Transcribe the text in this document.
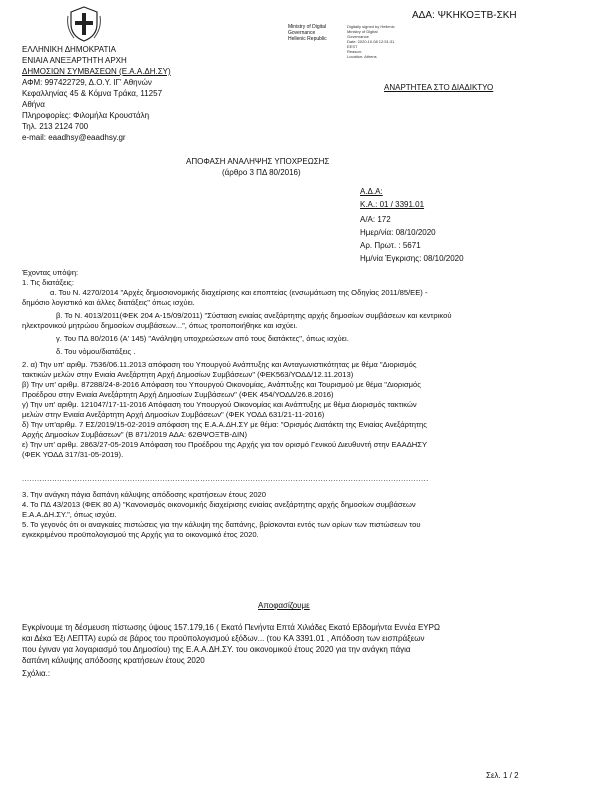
ΑΔΑ: ΨΚΗΚΟΞΤΒ-ΣΚΗ
Ministry of Digital
Governance
Hellenic Republic
Digitally signed by Hellenic
Ministry of Digital
Governance
Date: 2020.10.08 12:51:31
EEST
Reason:
Location: Athens
ΕΛΛΗΝΙΚΗ ΔΗΜΟΚΡΑΤΙΑ
ΕΝΙΑΙΑ ΑΝΕΞΑΡΤΗΤΗ ΑΡΧΗ
ΔΗΜΟΣΙΩΝ ΣΥΜΒΑΣΕΩΝ (Ε.Α.Α.ΔΗ.ΣΥ)
ΑΦΜ: 997422729, Δ.Ο.Υ. ΙΓ' Αθηνών
Κεφαλληνίας 45 & Κόμνα Τράκα, 11257
Αθήνα
Πληροφορίες: Φιλομήλα Κρουστάλη
Τηλ. 213 2124 700
e-mail: eaadhsy@eaadhsy.gr
ΑΝΑΡΤΗΤΕΑ ΣΤΟ ΔΙΑΔΙΚΤΥΟ
ΑΠΟΦΑΣΗ ΑΝΑΛΗΨΗΣ ΥΠΟΧΡΕΩΣΗΣ
(άρθρο 3 ΠΔ 80/2016)
Α.Δ.Α:
Κ.Α.: 01 / 3391.01
Α/Α: 172
Ημερ/νία: 08/10/2020
Αρ. Πρωτ. : 5671
Ημ/νία Έγκρισης: 08/10/2020
Έχοντας υπόψη:
1. Τις διατάξεις:
α. Του Ν. 4270/2014 "Αρχές δημοσιονομικής διαχείρισης και εποπτείας (ενσωμάτωση της Οδηγίας 2011/85/ΕΕ) -
δημόσιο λογιστικό και άλλες διατάξεις" όπως ισχύει.
β. Το Ν. 4013/2011(ΦΕΚ 204 Α-15/09/2011) "Σύσταση ενιαίας ανεξάρτητης αρχής δημοσίων συμβάσεων και κεντρικού
ηλεκτρονικού μητρώου δημοσίων συμβάσεων...", όπως τροποποιήθηκε και ισχύει.
γ. Του ΠΔ 80/2016 (Α' 145) "Ανάληψη υποχρεώσεων από τους διατάκτες", όπως ισχύει.
δ. Του νόμου/διατάξεις .
2. α) Την υπ' αριθμ. 7536/06.11.2013 απόφαση του Υπουργού Ανάπτυξης και Ανταγωνιστικότητας με θέμα "Διορισμός
τακτικών μελών στην Ενιαία Ανεξάρτητη Αρχή Δημοσίων Συμβάσεων" (ΦΕΚ563/ΥΟΔΔ/12.11.2013)
β) Την υπ' αριθμ. 87288/24-8-2016 Απόφαση του Υπουργού Οικονομίας, Ανάπτυξης και Τουρισμού με θέμα "Διορισμός
Προέδρου στην Ενιαία Ανεξάρτητη Αρχή Δημοσίων Συμβάσεων" (ΦΕΚ 454/ΥΟΔΔ/26.8.2016)
γ) Την υπ' αριθμ. 121047/17-11-2016 Απόφαση του Υπουργού Οικονομίας και Ανάπτυξης με θέμα Διορισμός τακτικών
μελών στην Ενιαία Ανεξάρτητη Αρχή Δημοσίων Συμβάσεων" (ΦΕΚ ΥΟΔΔ 631/21-11-2016)
δ) Την υπ'αριθμ. 7 ΕΣ/2019/15-02-2019 απόφαση της Ε.Α.Α.ΔΗ.ΣΥ με θέμα: "Ορισμός Διατάκτη της Ενιαίας Ανεξάρτητης
Αρχής Δημοσίων Συμβάσεων" (Β 871/2019 ΑΔΑ: 62ΘΨΟΞΤΒ-ΔΙΝ)
ε) Την υπ' αριθμ. 2863/27-05-2019 Απόφαση του Προέδρου της Αρχής για τον ορισμό Γενικού Διευθυντή στην ΕΑΑΔΗΣΥ
(ΦΕΚ ΥΟΔΔ 317/31-05-2019).
..................................................................................................................................................................
3. Την ανάγκη πάγια δαπάνη κάλυψης απόδοσης κρατήσεων έτους 2020
4. Το ΠΔ 43/2013 (ΦΕΚ 80 Α) "Κανονισμός οικονομικής διαχείρισης ενιαίας ανεξάρτητης αρχής δημοσίων συμβάσεων
Ε.Α.Α.ΔΗ.ΣΥ.", όπως ισχύει.
5. Το γεγονός ότι οι αναγκαίες πιστώσεις για την κάλυψη της δαπάνης, βρίσκονται εντός των ορίων των πιστώσεων του
εγκεκριμένου προϋπολογισμού της Αρχής για το οικονομικό έτος 2020.
Αποφασίζουμε
Εγκρίνουμε τη δέσμευση πίστωσης ύψους 157.179,16 ( Εκατό Πενήντα Επτά Χιλιάδες Εκατό Εβδομήντα Εννέα ΕΥΡΩ
και Δέκα Έξι ΛΕΠΤΑ) ευρώ σε βάρος του προϋπολογισμού εξόδων... (του ΚΑ 3391.01 , Απόδοση των εισπράξεων
που έγιναν για λογαριασμό του Δημοσίου) της Ε.Α.Α.ΔΗ.ΣΥ. του οικονομικού έτους 2020 για την ανάγκη πάγια
δαπάνη κάλυψης απόδοσης κρατήσεων έτους 2020
Σχόλια.:
Σελ. 1 / 2
